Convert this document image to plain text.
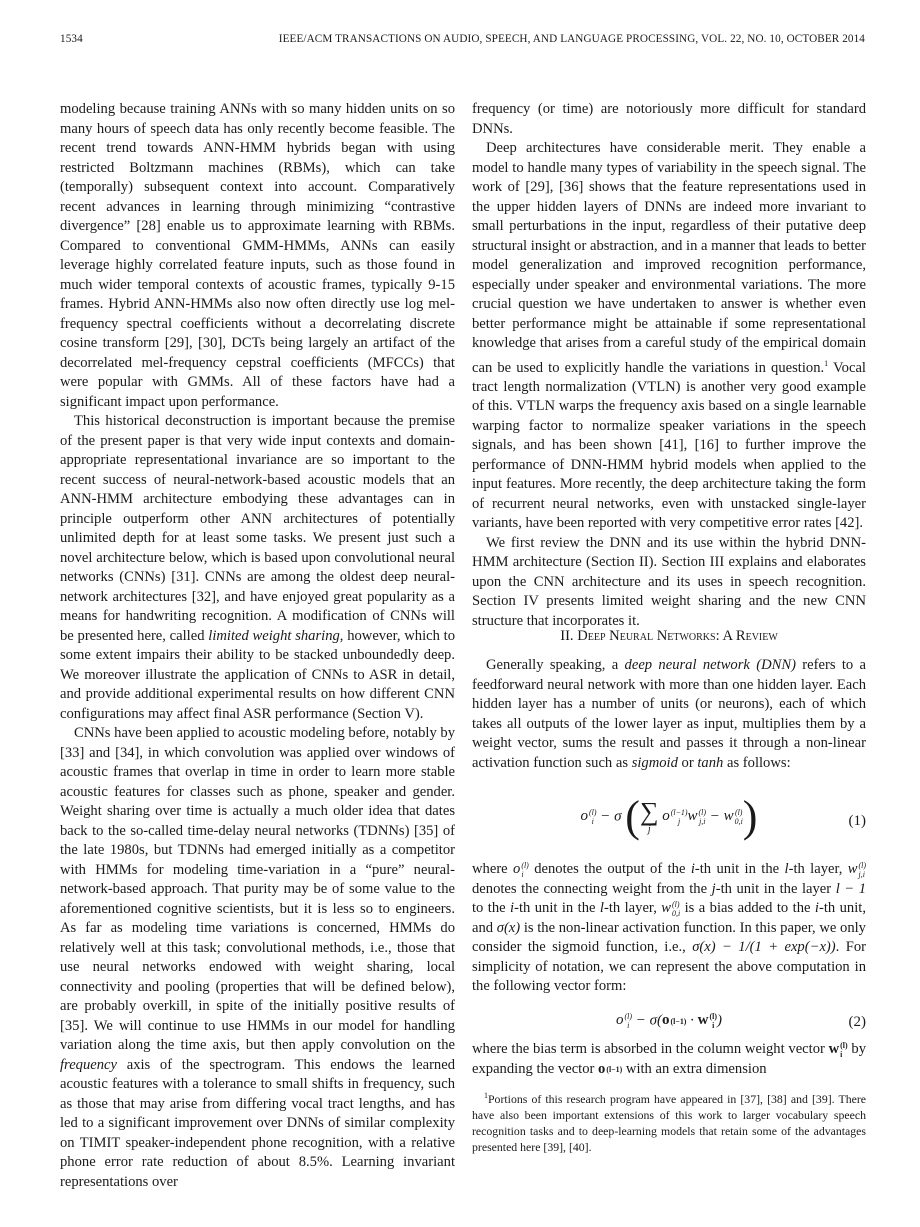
1534	IEEE/ACM TRANSACTIONS ON AUDIO, SPEECH, AND LANGUAGE PROCESSING, VOL. 22, NO. 10, OCTOBER 2014

modeling because training ANNs with so many hidden units on so many hours of speech data has only recently become feasible. The recent trend towards ANN-HMM hybrids began with using restricted Boltzmann machines (RBMs), which can take (temporally) subsequent context into account. Comparatively recent advances in learning through minimizing “contrastive divergence” [28] enable us to approximate learning with RBMs. Compared to conventional GMM-HMMs, ANNs can easily leverage highly correlated feature inputs, such as those found in much wider temporal contexts of acoustic frames, typically 9-15 frames. Hybrid ANN-HMMs also now often directly use log mel-frequency spectral coefficients without a decorrelating discrete cosine transform [29], [30], DCTs being largely an artifact of the decorrelated mel-frequency cepstral coefficients (MFCCs) that were popular with GMMs. All of these factors have had a significant impact upon performance.

This historical deconstruction is important because the premise of the present paper is that very wide input contexts and domain-appropriate representational invariance are so important to the recent success of neural-network-based acoustic models that an ANN-HMM architecture embodying these advantages can in principle outperform other ANN architectures of potentially unlimited depth for at least some tasks. We present just such a novel architecture below, which is based upon convolutional neural networks (CNNs) [31]. CNNs are among the oldest deep neural-network architectures [32], and have enjoyed great popularity as a means for handwriting recognition. A modification of CNNs will be presented here, called limited weight sharing, however, which to some extent impairs their ability to be stacked unboundedly deep. We moreover illustrate the application of CNNs to ASR in detail, and provide additional experimental results on how different CNN configurations may affect final ASR performance (Section V).

CNNs have been applied to acoustic modeling before, notably by [33] and [34], in which convolution was applied over windows of acoustic frames that overlap in time in order to learn more stable acoustic features for classes such as phone, speaker and gender. Weight sharing over time is actually a much older idea that dates back to the so-called time-delay neural networks (TDNNs) [35] of the late 1980s, but TDNNs had emerged initially as a competitor with HMMs for modeling time-variation in a “pure” neural-network-based approach. That purity may be of some value to the aforementioned cognitive scientists, but it is less so to engineers. As far as modeling time variations is concerned, HMMs do relatively well at this task; convolutional methods, i.e., those that use neural networks endowed with weight sharing, local connectivity and pooling (properties that will be defined below), are probably overkill, in spite of the initially positive results of [35]. We will continue to use HMMs in our model for handling variation along the time axis, but then apply convolution on the frequency axis of the spectrogram. This endows the learned acoustic features with a tolerance to small shifts in frequency, such as those that may arise from differing vocal tract lengths, and has led to a significant improvement over DNNs of similar complexity on TIMIT speaker-independent phone recognition, with a relative phone error rate reduction of about 8.5%. Learning invariant representations over

frequency (or time) are notoriously more difficult for standard DNNs.

Deep architectures have considerable merit. They enable a model to handle many types of variability in the speech signal. The work of [29], [36] shows that the feature representations used in the upper hidden layers of DNNs are indeed more invariant to small perturbations in the input, regardless of their putative deep structural insight or abstraction, and in a manner that leads to better model generalization and improved recognition performance, especially under speaker and environmental variations. The more crucial question we have undertaken to answer is whether even better performance might be attainable if some representational knowledge that arises from a careful study of the empirical domain can be used to explicitly handle the variations in question.$^1$ Vocal tract length normalization (VTLN) is another very good example of this. VTLN warps the frequency axis based on a single learnable warping factor to normalize speaker variations in the speech signals, and has been shown [41], [16] to further improve the performance of DNN-HMM hybrid models when applied to the input features. More recently, the deep architecture taking the form of recurrent neural networks, even with unstacked single-layer variants, have been reported with very competitive error rates [42].

We first review the DNN and its use within the hybrid DNN-HMM architecture (Section II). Section III explains and elaborates upon the CNN architecture and its uses in speech recognition. Section IV presents limited weight sharing and the new CNN structure that incorporates it.

II. Deep Neural Networks: A Review

Generally speaking, a deep neural network (DNN) refers to a feedforward neural network with more than one hidden layer. Each hidden layer has a number of units (or neurons), each of which takes all outputs of the lower layer as input, multiplies them by a weight vector, sums the result and passes it through a non-linear activation function such as sigmoid or tanh as follows:

o (l)
i − σ ( ∑
j
o (l−1)
j w (l)
j,i − w (l)
0,i )	(1)

where o (l)
i denotes the output of the i-th unit in the l-th layer, w (l)
j,i
denotes the connecting weight from the j-th unit in the layer l − 1 to the i-th unit in the l-th layer, w (l)
0,i is a bias added to the i-th unit, and σ(x) is the non-linear activation function. In this paper, we only consider the sigmoid function, i.e., σ(x) − 1/(1 + exp(−x)). For simplicity of notation, we can represent the above computation in the following vector form:

o (l)
i − σ(o (l−1) · w (l)
i )	(2)

where the bias term is absorbed in the column weight vector w (l)
i by expanding the vector o (l−1) with an extra dimension

$^1$Portions of this research program have appeared in [37], [38] and [39]. There have also been important extensions of this work to larger vocabulary speech recognition tasks and to deep-learning models that retain some of the advantages presented here [39], [40].
